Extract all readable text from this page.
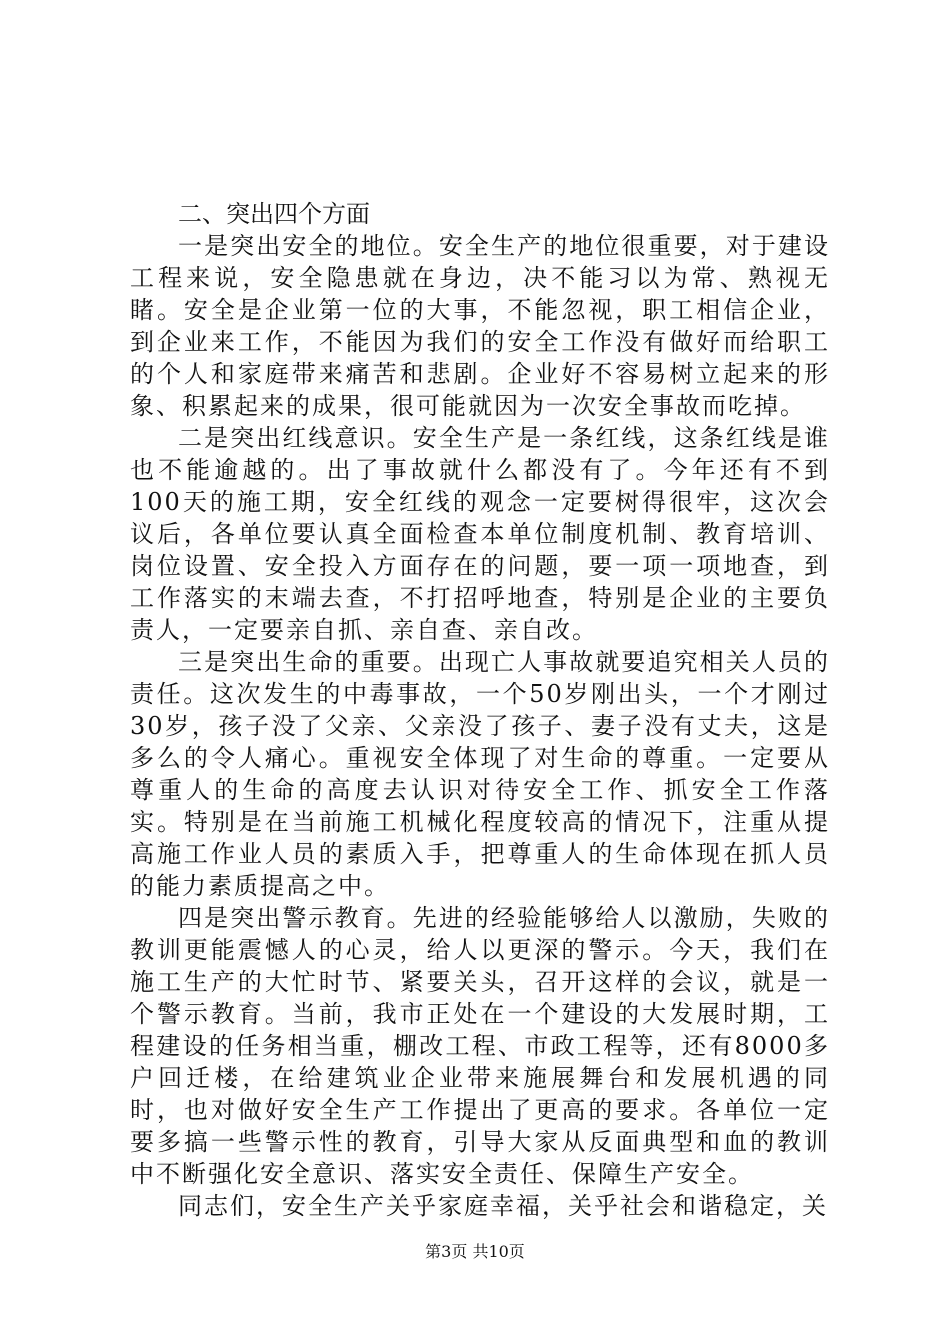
二、突出四个方面

一是突出安全的地位。安全生产的地位很重要，对于建设工程来说，安全隐患就在身边，决不能习以为常、熟视无睹。安全是企业第一位的大事，不能忽视，职工相信企业，到企业来工作，不能因为我们的安全工作没有做好而给职工的个人和家庭带来痛苦和悲剧。企业好不容易树立起来的形象、积累起来的成果，很可能就因为一次安全事故而吃掉。

二是突出红线意识。安全生产是一条红线，这条红线是谁也不能逾越的。出了事故就什么都没有了。今年还有不到100天的施工期，安全红线的观念一定要树得很牢，这次会议后，各单位要认真全面检查本单位制度机制、教育培训、岗位设置、安全投入方面存在的问题，要一项一项地查，到工作落实的末端去查，不打招呼地查，特别是企业的主要负责人，一定要亲自抓、亲自查、亲自改。

三是突出生命的重要。出现亡人事故就要追究相关人员的责任。这次发生的中毒事故，一个50岁刚出头，一个才刚过30岁，孩子没了父亲、父亲没了孩子、妻子没有丈夫，这是多么的令人痛心。重视安全体现了对生命的尊重。一定要从尊重人的生命的高度去认识对待安全工作、抓安全工作落实。特别是在当前施工机械化程度较高的情况下，注重从提高施工作业人员的素质入手，把尊重人的生命体现在抓人员的能力素质提高之中。

四是突出警示教育。先进的经验能够给人以激励，失败的教训更能震憾人的心灵，给人以更深的警示。今天，我们在施工生产的大忙时节、紧要关头，召开这样的会议，就是一个警示教育。当前，我市正处在一个建设的大发展时期，工程建设的任务相当重，棚改工程、市政工程等，还有8000多户回迁楼，在给建筑业企业带来施展舞台和发展机遇的同时，也对做好安全生产工作提出了更高的要求。各单位一定要多搞一些警示性的教育，引导大家从反面典型和血的教训中不断强化安全意识、落实安全责任、保障生产安全。

同志们，安全生产关乎家庭幸福，关乎社会和谐稳定，关

第3页 共10页
